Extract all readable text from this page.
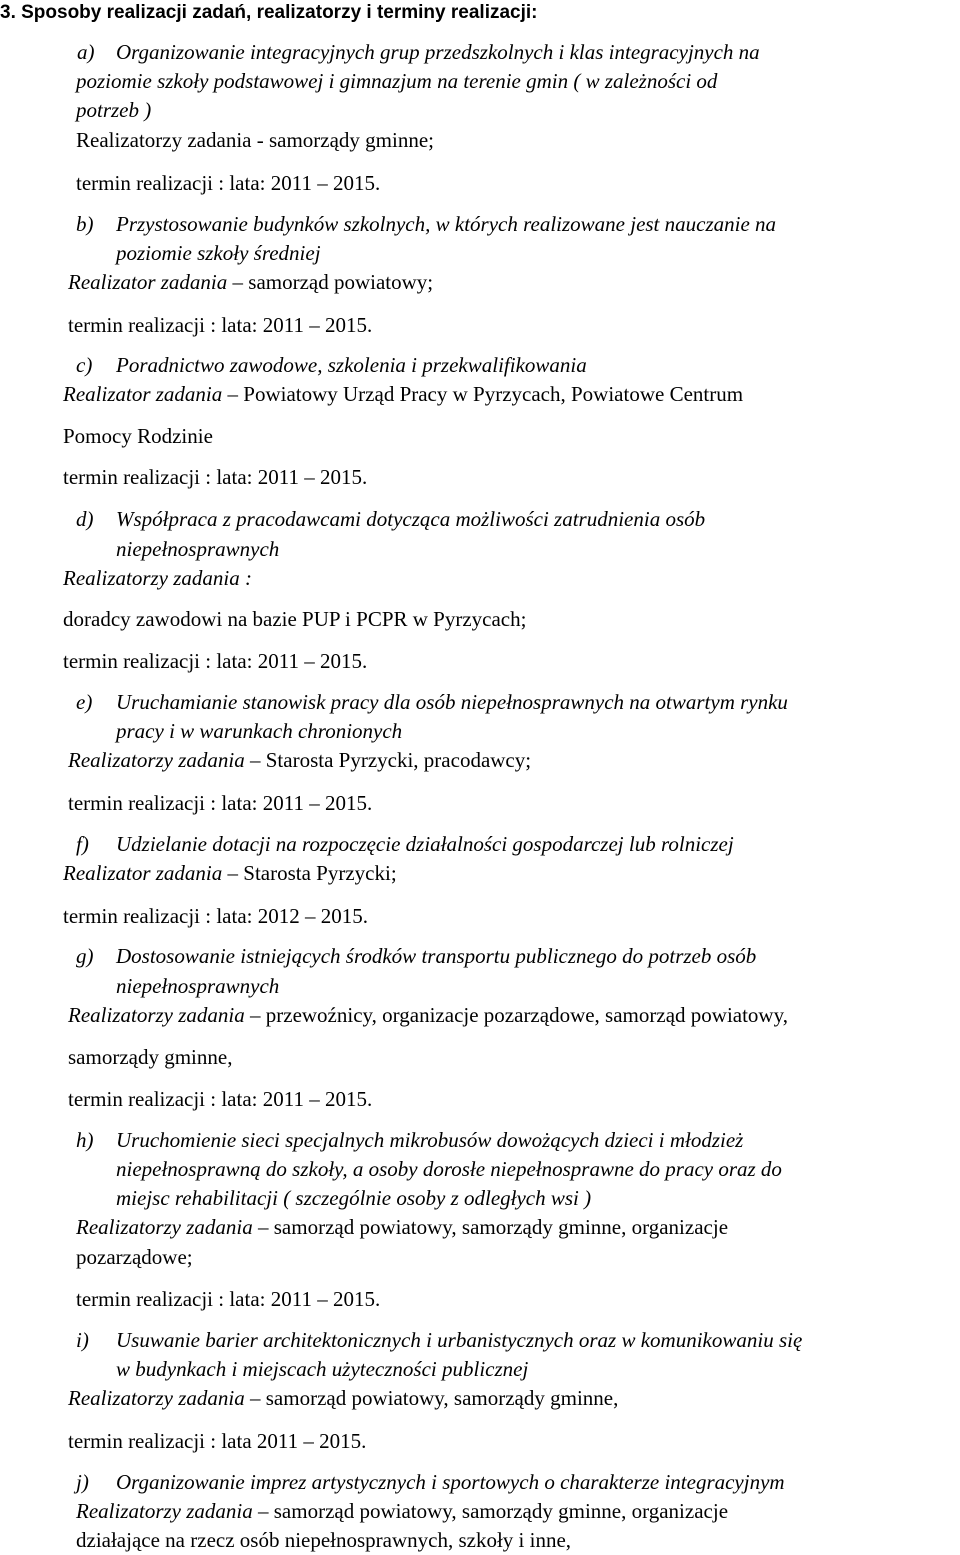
3. Sposoby realizacji zadań, realizatorzy i terminy realizacji:
a) Organizowanie integracyjnych grup przedszkolnych i klas integracyjnych na
poziomie szkoły podstawowej i gimnazjum na terenie gmin ( w zależności od
potrzeb )
Realizatorzy zadania - samorządy gminne;
termin realizacji : lata: 2011 – 2015.
b) Przystosowanie budynków szkolnych, w których realizowane jest nauczanie na
poziomie szkoły średniej
Realizator zadania – samorząd powiatowy;
termin realizacji : lata: 2011 – 2015.
c) Poradnictwo zawodowe, szkolenia i przekwalifikowania
Realizator zadania – Powiatowy Urząd Pracy w Pyrzycach, Powiatowe Centrum
Pomocy Rodzinie
termin realizacji : lata: 2011 – 2015.
d) Współpraca z pracodawcami dotycząca możliwości zatrudnienia osób
niepełnosprawnych
Realizatorzy zadania :
doradcy zawodowi na bazie PUP i PCPR w Pyrzycach;
termin realizacji : lata: 2011 – 2015.
e) Uruchamianie stanowisk pracy dla osób niepełnosprawnych na otwartym rynku
pracy i w warunkach chronionych
Realizatorzy zadania – Starosta Pyrzycki, pracodawcy;
termin realizacji : lata: 2011 – 2015.
f) Udzielanie dotacji na rozpoczęcie działalności gospodarczej lub rolniczej
Realizator zadania – Starosta Pyrzycki;
termin realizacji : lata: 2012 – 2015.
g) Dostosowanie istniejących środków transportu publicznego do potrzeb osób
niepełnosprawnych
Realizatorzy zadania – przewoźnicy, organizacje pozarządowe, samorząd powiatowy,
samorządy gminne,
termin realizacji : lata: 2011 – 2015.
h) Uruchomienie sieci specjalnych mikrobusów dowożących dzieci i młodzież
niepełnosprawną do szkoły, a osoby dorosłe niepełnosprawne do pracy oraz do
miejsc rehabilitacji ( szczególnie osoby z odległych wsi )
Realizatorzy zadania – samorząd powiatowy, samorządy gminne, organizacje
pozarządowe;
termin realizacji : lata: 2011 – 2015.
i) Usuwanie barier architektonicznych i urbanistycznych oraz w komunikowaniu się
w budynkach i miejscach użyteczności publicznej
Realizatorzy zadania – samorząd powiatowy, samorządy gminne,
termin realizacji : lata 2011 – 2015.
j) Organizowanie imprez artystycznych i sportowych o charakterze integracyjnym
Realizatorzy zadania – samorząd powiatowy, samorządy gminne, organizacje
działające na rzecz osób niepełnosprawnych, szkoły i inne,
